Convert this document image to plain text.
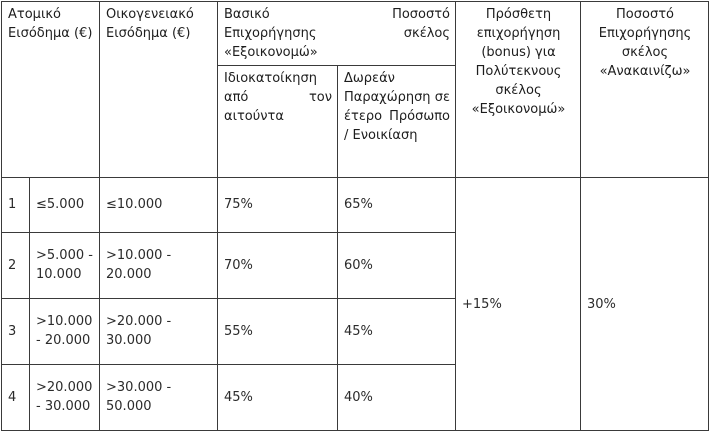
Ατομικό Εισόδημα (€)		Οικογενειακό Εισόδημα (€)	Βασικό Ποσοστό
Επιχορήγησης σκέλος
«Εξοικονομώ»		Πρόσθετη επιχορήγηση (bonus) για Πολύτεκνους σκέλος «Εξοικονομώ»	Ποσοστό Επιχορήγησης σκέλος «Ανακαινίζω»
			Ιδιοκατοίκηση από τον αιτούντα	Δωρεάν Παραχώρηση σε έτερο Πρόσωπο / Ενοικίαση		
1	≤5.000	≤10.000	75%	65%	+15%	30%
2	>5.000 - 10.000	>10.000 - 20.000	70%	60%		
3	>10.000 - 20.000	>20.000 - 30.000	55%	45%		
4	>20.000 - 30.000	>30.000 - 50.000	45%	40%		
